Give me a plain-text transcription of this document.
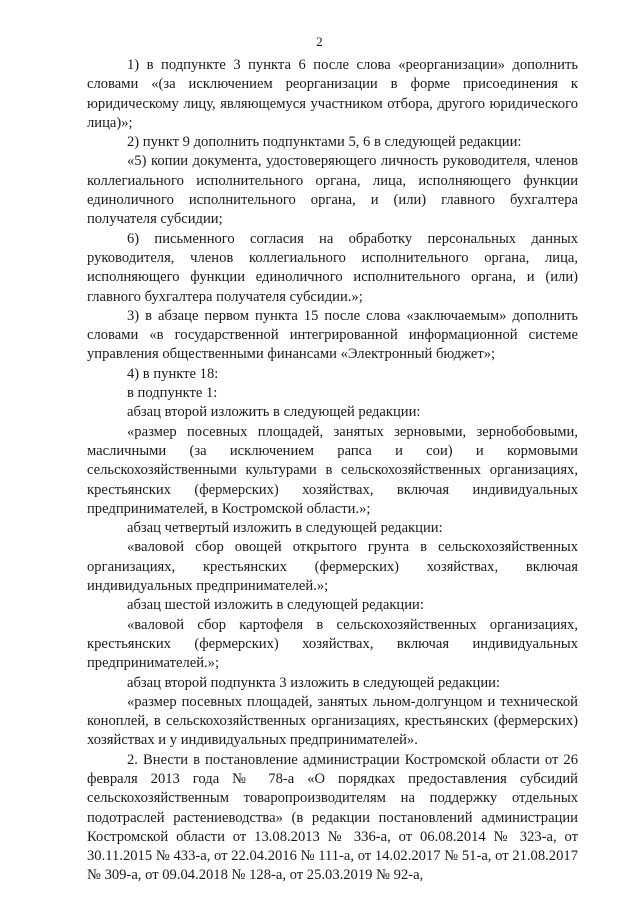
2

1) в подпункте 3 пункта 6 после слова «реорганизации» дополнить словами «(за исключением реорганизации в форме присоединения к юридическому лицу, являющемуся участником отбора, другого юридического лица)»;

2) пункт 9 дополнить подпунктами 5, 6 в следующей редакции:

«5) копии документа, удостоверяющего личность руководителя, членов коллегиального исполнительного органа, лица, исполняющего функции единоличного исполнительного органа, и (или) главного бухгалтера получателя субсидии;

6) письменного согласия на обработку персональных данных руководителя, членов коллегиального исполнительного органа, лица, исполняющего функции единоличного исполнительного органа, и (или) главного бухгалтера получателя субсидии.»;

3) в абзаце первом пункта 15 после слова «заключаемым» дополнить словами «в государственной интегрированной информационной системе управления общественными финансами «Электронный бюджет»;

4) в пункте 18:

в подпункте 1:

абзац второй изложить в следующей редакции:

«размер посевных площадей, занятых зерновыми, зернобобовыми, масличными (за исключением рапса и сои) и кормовыми сельскохозяйственными культурами в сельскохозяйственных организациях, крестьянских (фермерских) хозяйствах, включая индивидуальных предпринимателей, в Костромской области.»;

абзац четвертый изложить в следующей редакции:

«валовой сбор овощей открытого грунта в сельскохозяйственных организациях, крестьянских (фермерских) хозяйствах, включая индивидуальных предпринимателей.»;

абзац шестой изложить в следующей редакции:

«валовой сбор картофеля в сельскохозяйственных организациях, крестьянских (фермерских) хозяйствах, включая индивидуальных предпринимателей.»;

абзац второй подпункта 3 изложить в следующей редакции:

«размер посевных площадей, занятых льном-долгунцом и технической коноплей, в сельскохозяйственных организациях, крестьянских (фермерских) хозяйствах и у индивидуальных предпринимателей».

2. Внести в постановление администрации Костромской области от 26 февраля 2013 года № 78-а «О порядках предоставления субсидий сельскохозяйственным товаропроизводителям на поддержку отдельных подотраслей растениеводства» (в редакции постановлений администрации Костромской области от 13.08.2013 № 336-а, от 06.08.2014 № 323-а, от 30.11.2015 № 433-а, от 22.04.2016 № 111-а, от 14.02.2017 № 51-а, от 21.08.2017 № 309-а, от 09.04.2018 № 128-а, от 25.03.2019 № 92-а,
